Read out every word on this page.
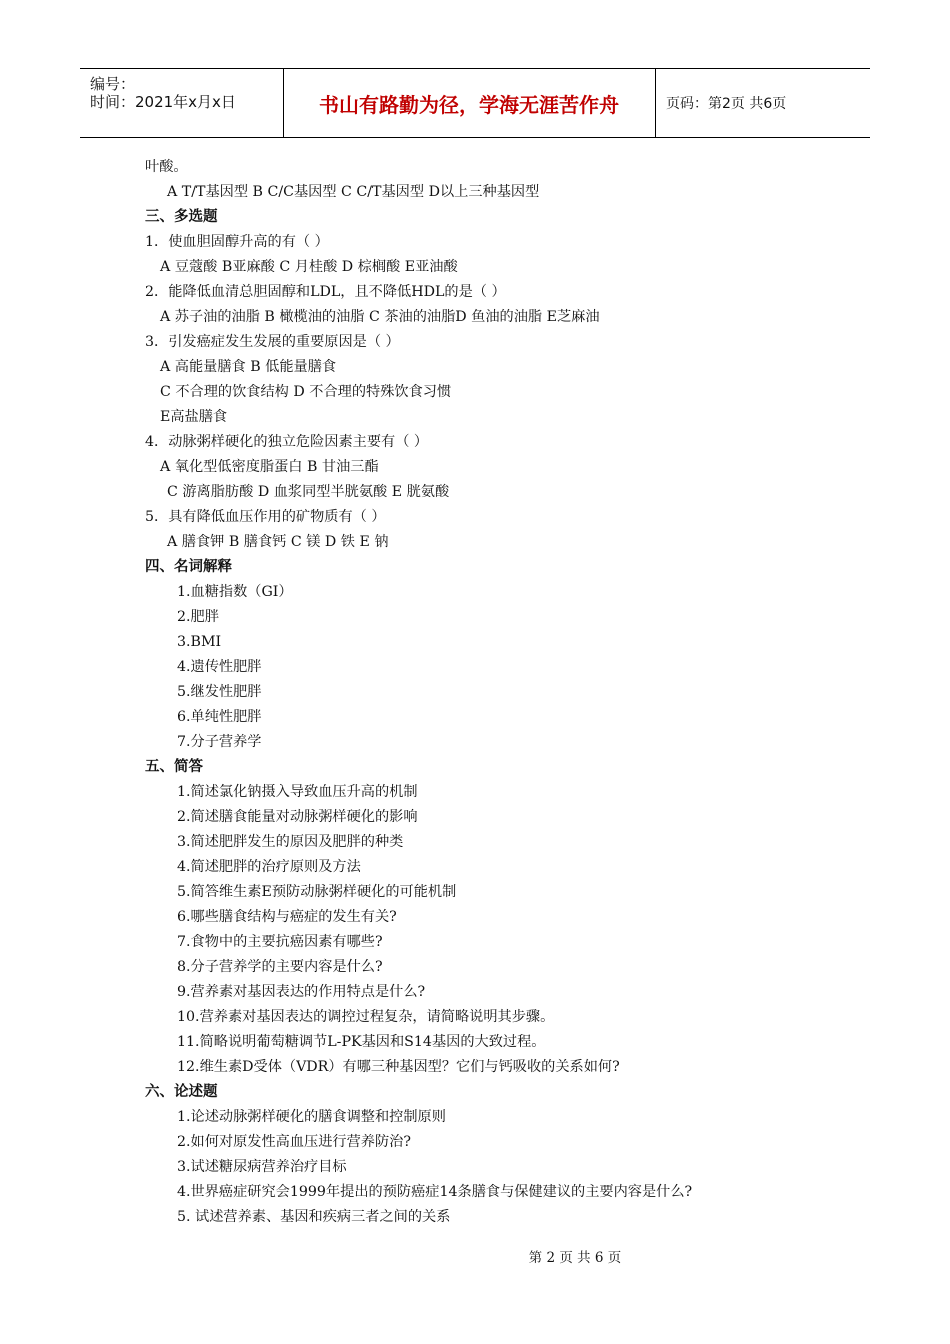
编号：
时间：2021年x月x日	书山有路勤为径，学海无涯苦作舟	页码：第2页 共6页
叶酸。
A T/T基因型 B C/C基因型 C C/T基因型 D以上三种基因型
三、多选题
1．使血胆固醇升高的有（ ）
A 豆蔻酸 B亚麻酸 C 月桂酸 D 棕榈酸 E亚油酸
2．能降低血清总胆固醇和LDL，且不降低HDL的是（ ）
A 苏子油的油脂 B 橄榄油的油脂 C 茶油的油脂D 鱼油的油脂 E芝麻油
3．引发癌症发生发展的重要原因是（ ）
A 高能量膳食 B 低能量膳食
C 不合理的饮食结构 D 不合理的特殊饮食习惯
E高盐膳食
4．动脉粥样硬化的独立危险因素主要有（ ）
A 氧化型低密度脂蛋白 B 甘油三酯
C 游离脂肪酸 D 血浆同型半胱氨酸 E 胱氨酸
5．具有降低血压作用的矿物质有（ ）
A 膳食钾 B 膳食钙 C 镁 D 铁 E 钠
四、名词解释
1.血糖指数（GI）
2.肥胖
3.BMI
4.遗传性肥胖
5.继发性肥胖
6.单纯性肥胖
7.分子营养学
五、简答
1.简述氯化钠摄入导致血压升高的机制
2.简述膳食能量对动脉粥样硬化的影响
3.简述肥胖发生的原因及肥胖的种类
4.简述肥胖的治疗原则及方法
5.简答维生素E预防动脉粥样硬化的可能机制
6.哪些膳食结构与癌症的发生有关?
7.食物中的主要抗癌因素有哪些?
8.分子营养学的主要内容是什么?
9.营养素对基因表达的作用特点是什么?
10.营养素对基因表达的调控过程复杂，请简略说明其步骤。
11.简略说明葡萄糖调节L-PK基因和S14基因的大致过程。
12.维生素D受体（VDR）有哪三种基因型？它们与钙吸收的关系如何?
六、论述题
1.论述动脉粥样硬化的膳食调整和控制原则
2.如何对原发性高血压进行营养防治?
3.试述糖尿病营养治疗目标
4.世界癌症研究会1999年提出的预防癌症14条膳食与保健建议的主要内容是什么?
5. 试述营养素、基因和疾病三者之间的关系
第 2 页 共 6 页
